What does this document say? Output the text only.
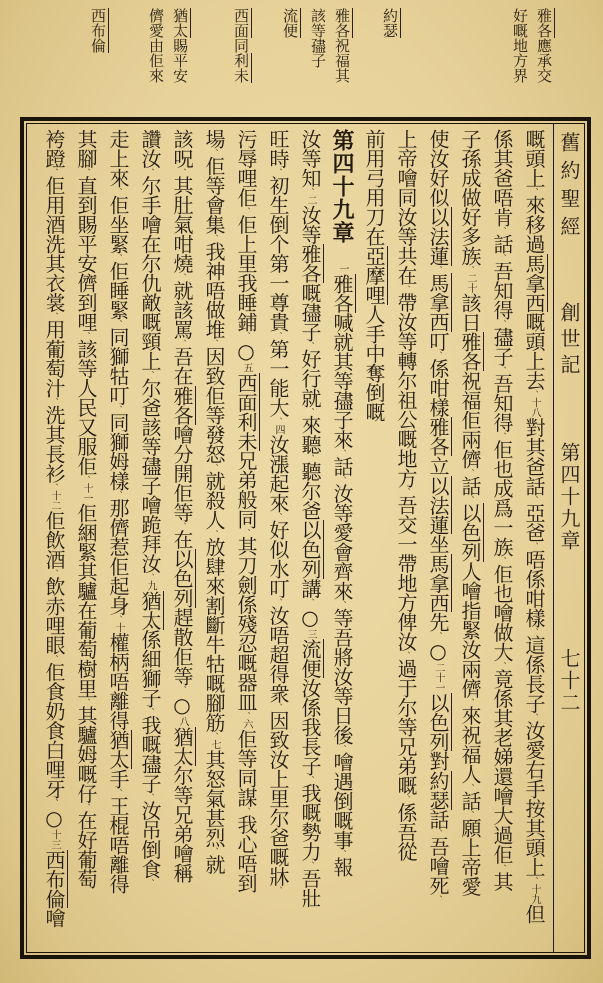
雅各應承交
好嘅地方界
約瑟
雅各祝福其
該等孻子
流便
西面同利未
猶太賜平安
儕愛由佢來
西布倫
舊約聖經 創世記 第四十九章 七十二
嘅頭上、來移過馬拿西嘅頭上去、十八對其爸話、亞爸、唔係咁樣、這係長子、汝愛右手按其頭上、十九但
係其爸唔肯、話、吾知得、孻子、吾知得、佢也成爲一族、佢也噲做大、竟係其老娣還噲大過佢、其
子孫成做好多族、二十該日雅各祝福佢兩儕、話、以色列人噲指緊汝兩儕、來祝福人、話、願上帝愛
使汝好似以法蓮、馬拿西叮、係咁樣雅各立以法蓮坐馬拿西先、○二十一以色列對約瑟話、吾噲死、
上帝噲同汝等共在、帶汝等轉尔祖公嘅地方、吾交一帶地方俾汝、過于尔等兄弟嘅、係吾從
前用弓用刀在亞摩哩人手中奪倒嘅
第四十九章　一雅各喊就其等孻子來、話、汝等愛會齊來、等吾將汝等日後、噲遇倒嘅事、報
汝等知、二汝等雅各嘅孻子、好行就、來聽、聽尔爸以色列講、○三流便汝係我長子、我嘅勢力、吾壯
旺時、初生倒个第一尊貴、第一能大、四汝漲起來、好似水叮、汝唔超得衆、因致汝上里尔爸嘅牀、
污辱哩佢、佢上里我睡鋪、○五西面利未兄弟般同、其刀劍係殘忍嘅器皿、六佢等同謀、我心唔到
場、佢等會集、我神唔做堆、因致佢等發怒、就殺人、放肆來割斷牛牯嘅腳筋、七其怒氣甚烈、就
該呪、其肚氣咁燒、就該罵、吾在雅各噲分開佢等、在以色列趕散佢等、○八猶太尔等兄弟噲稱
讚汝、尔手噲在尔仇敵嘅頸上、尔爸該等孻子噲跪拜汝、九猶太係細獅子、我嘅孻子、汝吊倒食、
走上來、佢坐緊、佢睡緊、同獅牯叮、同獅姆樣、那儕惹佢起身、十權柄唔離得猶太手、王棍唔離得
其腳、直到賜平安儕到哩、該等人民又服佢、十一佢綑緊其驢在葡萄樹里、其驢姆嘅仔、在好葡萄
袴蹬、佢用酒洗其衣裳、用葡萄汁、洗其長衫、十二佢飲酒、飲赤哩眼、佢食奶食白哩牙、○十三西布倫噲
